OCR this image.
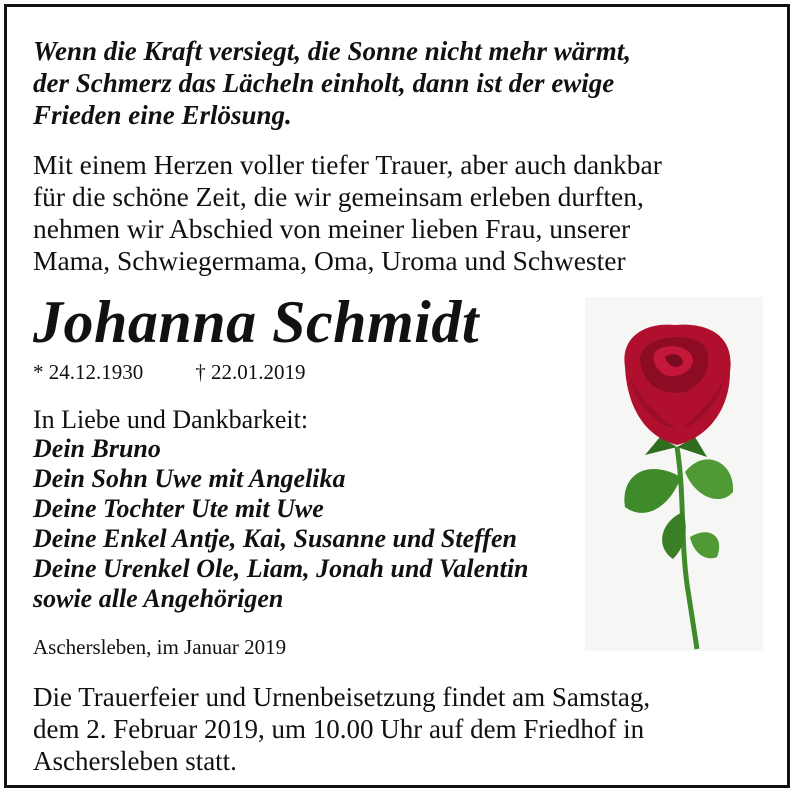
Wenn die Kraft versiegt, die Sonne nicht mehr wärmt,
der Schmerz das Lächeln einholt, dann ist der ewige
Frieden eine Erlösung.
Mit einem Herzen voller tiefer Trauer, aber auch dankbar
für die schöne Zeit, die wir gemeinsam erleben durften,
nehmen wir Abschied von meiner lieben Frau, unserer
Mama, Schwiegermama, Oma, Uroma und Schwester
Johanna Schmidt
* 24.12.1930 † 22.01.2019
In Liebe und Dankbarkeit:
Dein Bruno
Dein Sohn Uwe mit Angelika
Deine Tochter Ute mit Uwe
Deine Enkel Antje, Kai, Susanne und Steffen
Deine Urenkel Ole, Liam, Jonah und Valentin
sowie alle Angehörigen
Aschersleben, im Januar 2019
Die Trauerfeier und Urnenbeisetzung findet am Samstag,
dem 2. Februar 2019, um 10.00 Uhr auf dem Friedhof in
Aschersleben statt.
